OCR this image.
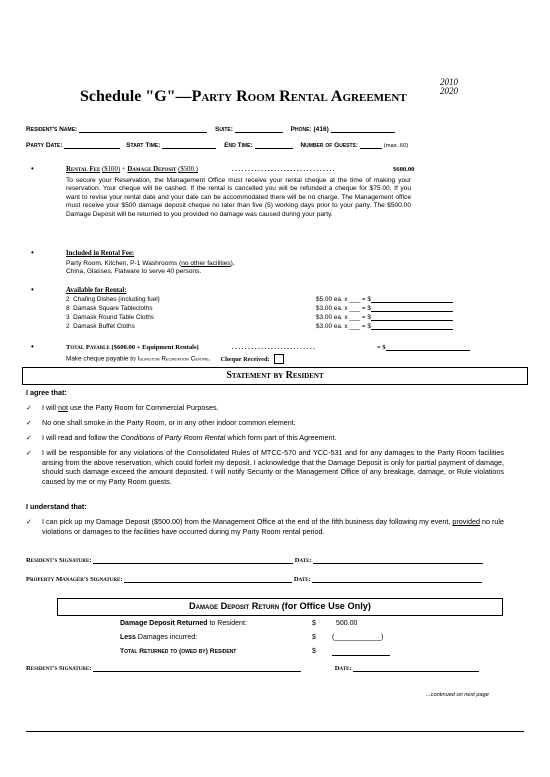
Schedule "G"—Party Room Rental Agreement
2010
2020
Resident's Name:	Suite:	Phone: (416)
Party Date:	Start Time:	End Time:	Number of Guests:	(max. 60)
•	Rental Fee ($100) + Damage Deposit ($500.)	................................	$600.00
To secure your Reservation, the Management Office must receive your rental cheque at the time of making your reservation. Your cheque will be cashed. If the rental is cancelled you will be refunded a cheque for $75.00. If you want to revise your rental date and your date can be accommodated there will be no charge. The Management office must receive your $500 damage deposit cheque no later than five (5) working days prior to your party. The $500.00 Damage Deposit will be returned to you provided no damage was caused during your party.
•	Included in Rental Fee:
Party Room, Kitchen, P-1 Washrooms (no other facilities),
China, Glasses, Flatware to serve 40 persons.
•	Available for Rental:
2 Chafing Dishes (including fuel)	$5.00 ea. x ___ = $
8 Damask Square Tablecloths	$3.00 ea. x ___ = $
3 Damask Round Table Cloths	$3.00 ea. x ___ = $
2 Damask Buffet Cloths	$3.00 ea. x ___ = $
•	Total Payable ($600.00 + Equipment Rentals)	..........................	= $
Make cheque payable to Islington Recreation Centre. Cheque Received:
Statement by Resident
I agree that:
✓ I will not use the Party Room for Commercial Purposes.
✓ No one shall smoke in the Party Room, or in any other indoor common element.
✓ I will read and follow the Conditions of Party Room Rental which form part of this Agreement.
✓ I will be responsible for any violations of the Consolidated Rules of MTCC-570 and YCC-531 and for any damages to the Party Room facilities arising from the above reservation, which could forfeit my deposit. I acknowledge that the Damage Deposit is only for partial payment of damage, should such damage exceed the amount deposited. I will notify Security or the Management Office of any breakage, damage, or Rule violations caused by me or my Party Room guests.
I understand that:
✓ I can pick up my Damage Deposit ($500.00) from the Management Office at the end of the fifth business day following my event, provided no rule violations or damages to the facilities have occurred during my Party Room rental period.
Resident's Signature:	Date:
Property Manager's Signature:	Date:
Damage Deposit Return (for Office Use Only)
Damage Deposit Returned to Resident:	$	500.00
Less Damages incurred:	$ (____________)
Total Returned to (owed by) Resident	$
Resident's Signature:	Date:
...continued on next page
